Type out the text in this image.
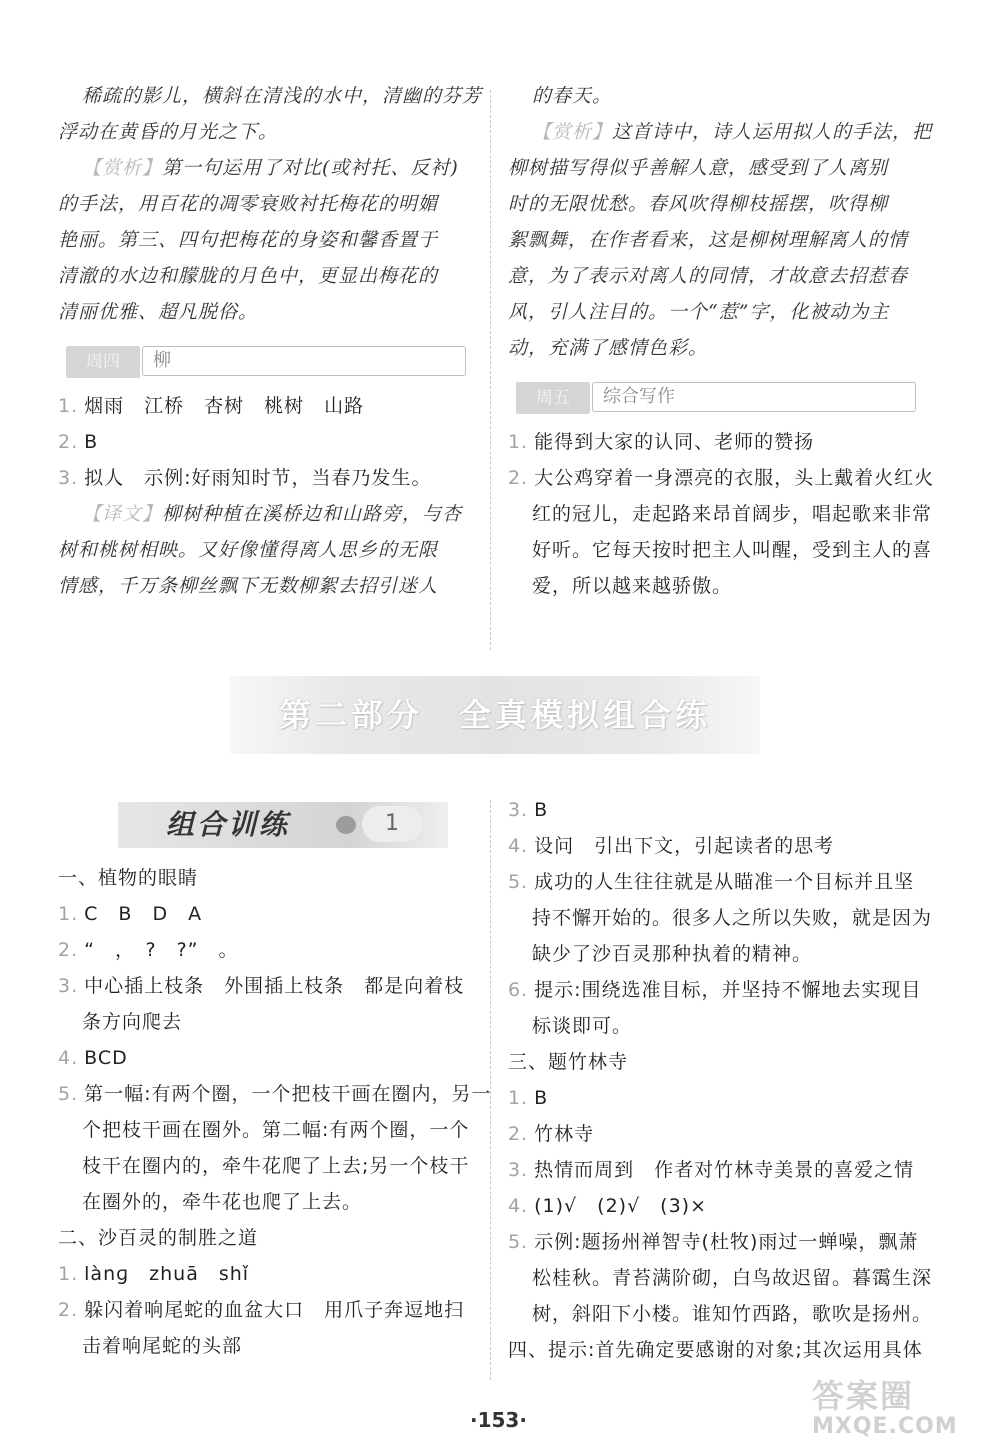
稀疏的影儿，横斜在清浅的水中，清幽的芬芳
浮动在黄昏的月光之下。
【赏析】第一句运用了对比(或衬托、反衬)
的手法，用百花的凋零衰败衬托梅花的明媚
艳丽。第三、四句把梅花的身姿和馨香置于
清澈的水边和朦胧的月色中，更显出梅花的
清丽优雅、超凡脱俗。
周四	柳
1. 烟雨　江桥　杏树　桃树　山路
2. B
3. 拟人　示例:好雨知时节，当春乃发生。
【译文】柳树种植在溪桥边和山路旁，与杏
树和桃树相映。又好像懂得离人思乡的无限
情感，千万条柳丝飘下无数柳絮去招引迷人
的春天。
【赏析】这首诗中，诗人运用拟人的手法，把
柳树描写得似乎善解人意，感受到了人离别
时的无限忧愁。春风吹得柳枝摇摆，吹得柳
絮飘舞，在作者看来，这是柳树理解离人的情
意，为了表示对离人的同情，才故意去招惹春
风，引人注目的。一个“惹”字，化被动为主
动，充满了感情色彩。
周五	综合写作
1. 能得到大家的认同、老师的赞扬
2. 大公鸡穿着一身漂亮的衣服，头上戴着火红火
红的冠儿，走起路来昂首阔步，唱起歌来非常
好听。它每天按时把主人叫醒，受到主人的喜
爱，所以越来越骄傲。
第二部分　全真模拟组合练
组合训练	1
一、植物的眼睛
1. C　B　D　A
2. “　，　?　?”　。
3. 中心插上枝条　外围插上枝条　都是向着枝
条方向爬去
4. BCD
5. 第一幅:有两个圈，一个把枝干画在圈内，另一
个把枝干画在圈外。第二幅:有两个圈，一个
枝干在圈内的，牵牛花爬了上去;另一个枝干
在圈外的，牵牛花也爬了上去。
二、沙百灵的制胜之道
1. lànɡ　zhuā　shǐ
2. 躲闪着响尾蛇的血盆大口　用爪子奔逗地扫
击着响尾蛇的头部
3. B
4. 设问　引出下文，引起读者的思考
5. 成功的人生往往就是从瞄准一个目标并且坚
持不懈开始的。很多人之所以失败，就是因为
缺少了沙百灵那种执着的精神。
6. 提示:围绕选准目标，并坚持不懈地去实现目
标谈即可。
三、题竹林寺
1. B
2. 竹林寺
3. 热情而周到　作者对竹林寺美景的喜爱之情
4. (1)√　(2)√　(3)×
5. 示例:题扬州禅智寺(杜牧)雨过一蝉噪，飘萧
松桂秋。青苔满阶砌，白鸟故迟留。暮霭生深
树，斜阳下小楼。谁知竹西路，歌吹是扬州。
四、提示:首先确定要感谢的对象;其次运用具体
·153·
答案圈
MXQE.COM
